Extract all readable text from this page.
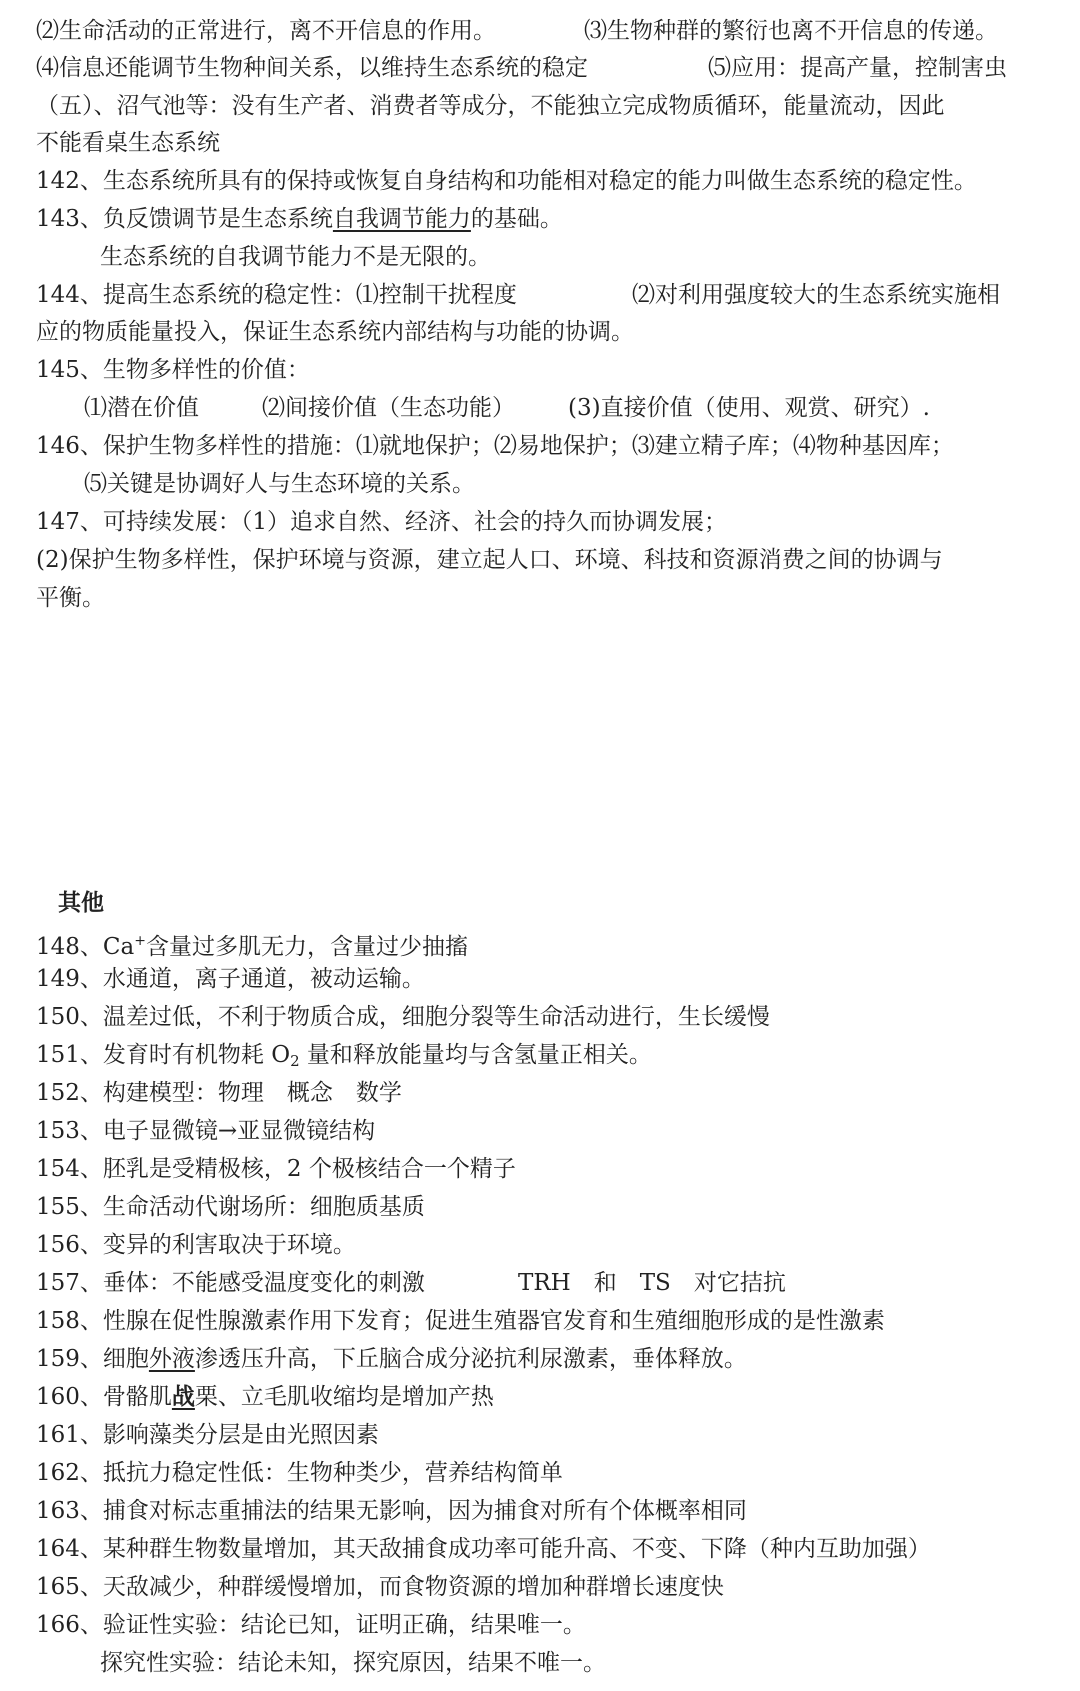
⑵生命活动的正常进行，离不开信息的作用。	⑶生物种群的繁衍也离不开信息的传递。
⑷信息还能调节生物种间关系，以维持生态系统的稳定	⑸应用：提高产量，控制害虫
（五）、沼气池等：没有生产者、消费者等成分，不能独立完成物质循环，能量流动，因此
不能看桌生态系统
142、生态系统所具有的保持或恢复自身结构和功能相对稳定的能力叫做生态系统的稳定性。
143、负反馈调节是生态系统自我调节能力的基础。
生态系统的自我调节能力不是无限的。
144、提高生态系统的稳定性：⑴控制干扰程度	⑵对利用强度较大的生态系统实施相
应的物质能量投入，保证生态系统内部结构与功能的协调。
145、生物多样性的价值：
⑴潜在价值	⑵间接价值（生态功能） (3)直接价值（使用、观赏、研究）.
146、保护生物多样性的措施：⑴就地保护；⑵易地保护；⑶建立精子库；⑷物种基因库；
⑸关键是协调好人与生态环境的关系。
147、可持续发展：（1）追求自然、经济、社会的持久而协调发展；
(2)保护生物多样性，保护环境与资源，建立起人口、环境、科技和资源消费之间的协调与
平衡。
其他
148、Ca+含量过多肌无力，含量过少抽搐
149、水通道，离子通道，被动运输。
150、温差过低，不利于物质合成，细胞分裂等生命活动进行，生长缓慢
151、发育时有机物耗 $O_2$ 量和释放能量均与含氢量正相关。
152、构建模型：物理　概念　数学
153、电子显微镜→亚显微镜结构
154、胚乳是受精极核，2 个极核结合一个精子
155、生命活动代谢场所：细胞质基质
156、变异的利害取决于环境。
157、垂体：不能感受温度变化的刺激	TRH　和　TS　对它拮抗
158、性腺在促性腺激素作用下发育；促进生殖器官发育和生殖细胞形成的是性激素
159、细胞外液渗透压升高，下丘脑合成分泌抗利尿激素，垂体释放。
160、骨骼肌战栗、立毛肌收缩均是增加产热
161、影响藻类分层是由光照因素
162、抵抗力稳定性低：生物种类少，营养结构简单
163、捕食对标志重捕法的结果无影响，因为捕食对所有个体概率相同
164、某种群生物数量增加，其天敌捕食成功率可能升高、不变、下降（种内互助加强）
165、天敌减少，种群缓慢增加，而食物资源的增加种群增长速度快
166、验证性实验：结论已知，证明正确，结果唯一。
探究性实验：结论未知，探究原因，结果不唯一。
